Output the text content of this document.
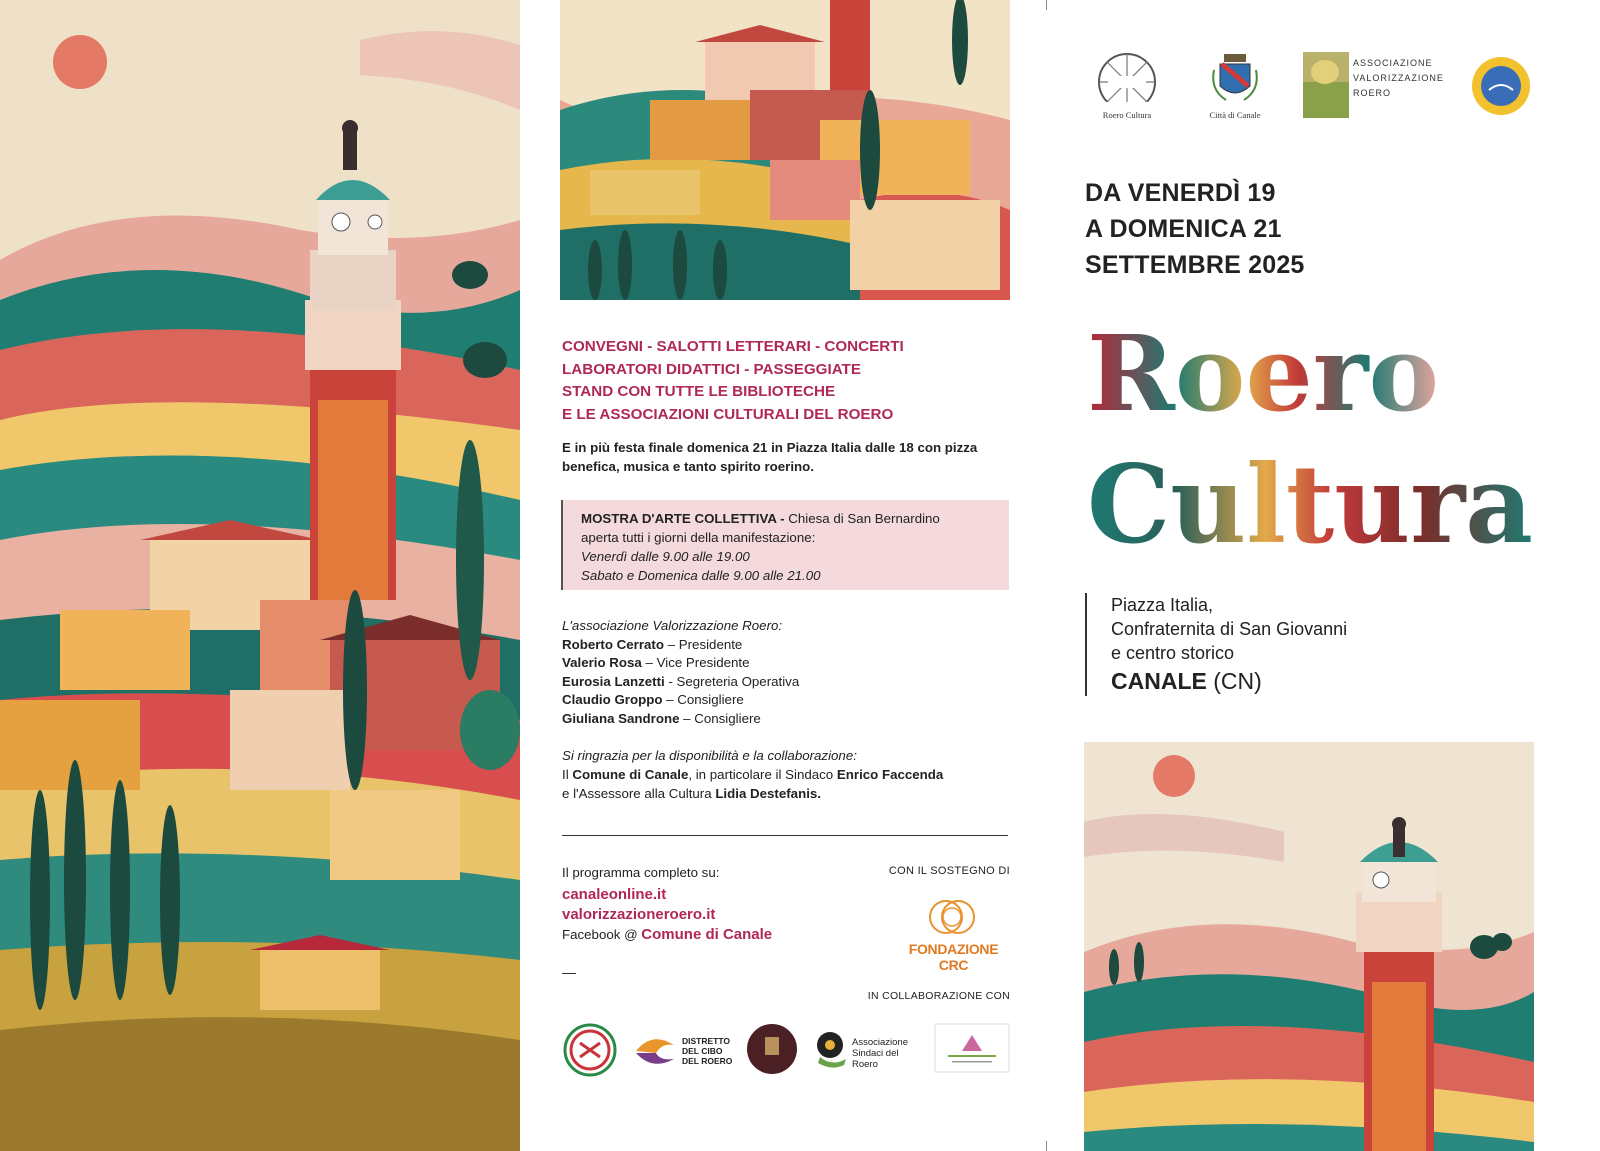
CONVEGNI - SALOTTI LETTERARI - CONCERTI
LABORATORI DIDATTICI - PASSEGGIATE
STAND CON TUTTE LE BIBLIOTECHE
E LE ASSOCIAZIONI CULTURALI DEL ROERO
E in più festa finale domenica 21 in Piazza Italia dalle 18 con pizza benefica, musica e tanto spirito roerino.
MOSTRA D'ARTE COLLETTIVA - Chiesa di San Bernardino
aperta tutti i giorni della manifestazione:
Venerdì dalle 9.00 alle 19.00
Sabato e Domenica dalle 9.00 alle 21.00
L'associazione Valorizzazione Roero:
Roberto Cerrato – Presidente
Valerio Rosa – Vice Presidente
Eurosia Lanzetti - Segreteria Operativa
Claudio Groppo – Consigliere
Giuliana Sandrone – Consigliere
Si ringrazia per la disponibilità e la collaborazione:
Il Comune di Canale, in particolare il Sindaco Enrico Faccenda
e l'Assessore alla Cultura Lidia Destefanis.
Il programma completo su:
canaleonline.it
valorizzazioneroero.it
Facebook @ Comune di Canale
CON IL SOSTEGNO DI
FONDAZIONE CRC
IN COLLABORAZIONE CON
DISTRETTO
DEL CIBO
DEL ROERO
Associazione
Sindaci del Roero
Roero Cultura	Città di Canale
ASSOCIAZIONE
VALORIZZAZIONE
ROERO
DA VENERDÌ 19
A DOMENICA 21
SETTEMBRE 2025
Roero
Cultura
Piazza Italia,
Confraternita di San Giovanni
e centro storico
CANALE (CN)
